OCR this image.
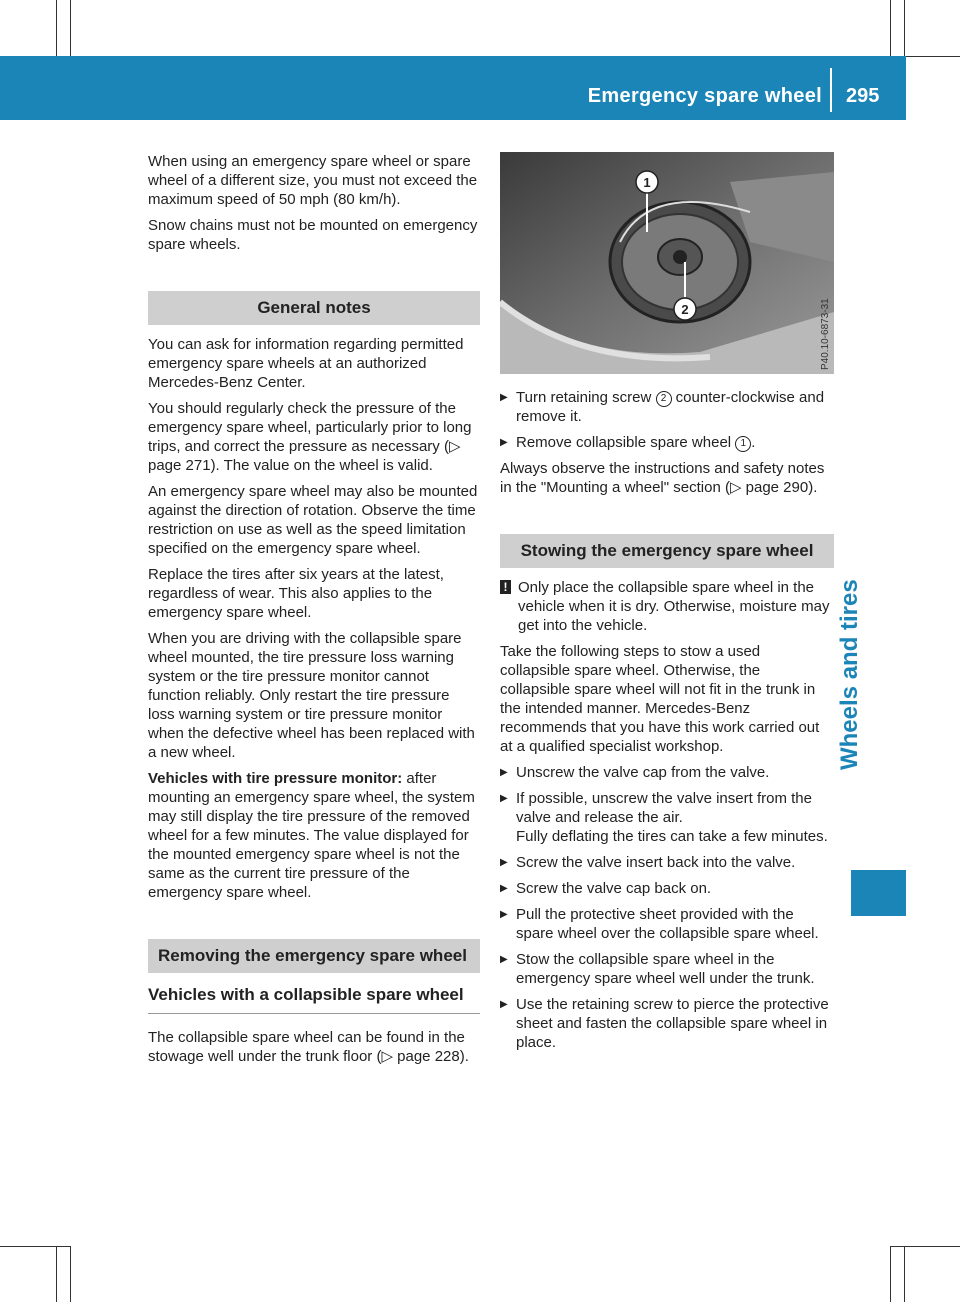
Emergency spare wheel 295
Wheels and tires

When using an emergency spare wheel or spare wheel of a different size, you must not exceed the maximum speed of 50 mph (80 km/h).

Snow chains must not be mounted on emergency spare wheels.

General notes

You can ask for information regarding permitted emergency spare wheels at an authorized Mercedes-Benz Center.

You should regularly check the pressure of the emergency spare wheel, particularly prior to long trips, and correct the pressure as necessary (▷ page 271). The value on the wheel is valid.

An emergency spare wheel may also be mounted against the direction of rotation. Observe the time restriction on use as well as the speed limitation specified on the emergency spare wheel.

Replace the tires after six years at the latest, regardless of wear. This also applies to the emergency spare wheel.

When you are driving with the collapsible spare wheel mounted, the tire pressure loss warning system or the tire pressure monitor cannot function reliably. Only restart the tire pressure loss warning system or tire pressure monitor when the defective wheel has been replaced with a new wheel.

Vehicles with tire pressure monitor: after mounting an emergency spare wheel, the system may still display the tire pressure of the removed wheel for a few minutes. The value displayed for the mounted emergency spare wheel is not the same as the current tire pressure of the emergency spare wheel.

Removing the emergency spare wheel
Vehicles with a collapsible spare wheel

The collapsible spare wheel can be found in the stowage well under the trunk floor (▷ page 228).

1
2	P40.10-6873-31

▶ Turn retaining screw 2 counter-clockwise and remove it.

▶ Remove collapsible spare wheel 1 .

Always observe the instructions and safety notes in the "Mounting a wheel" section (▷ page 290).

Stowing the emergency spare wheel

! Only place the collapsible spare wheel in the vehicle when it is dry. Otherwise, moisture may get into the vehicle.

Take the following steps to stow a used collapsible spare wheel. Otherwise, the collapsible spare wheel will not fit in the trunk in the intended manner. Mercedes-Benz recommends that you have this work carried out at a qualified specialist workshop.

▶ Unscrew the valve cap from the valve.

▶ If possible, unscrew the valve insert from the valve and release the air.
Fully deflating the tires can take a few minutes.

▶ Screw the valve insert back into the valve.

▶ Screw the valve cap back on.

▶ Pull the protective sheet provided with the spare wheel over the collapsible spare wheel.

▶ Stow the collapsible spare wheel in the emergency spare wheel well under the trunk.

▶ Use the retaining screw to pierce the protective sheet and fasten the collapsible spare wheel in place.
